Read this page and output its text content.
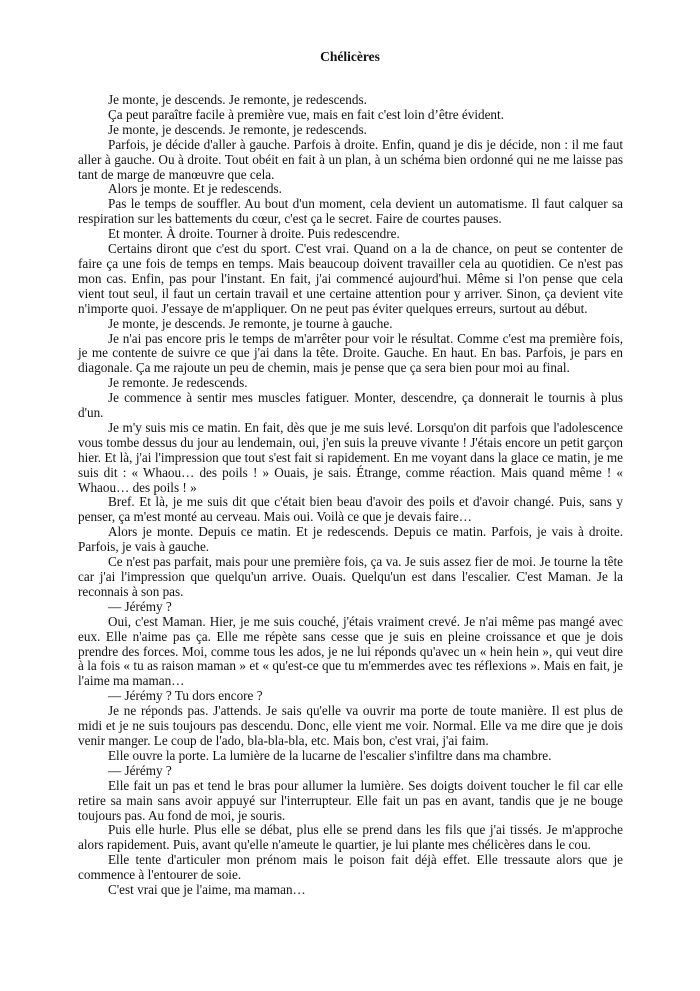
Chélicères

Je monte, je descends. Je remonte, je redescends.

Ça peut paraître facile à première vue, mais en fait c'est loin d’être évident.

Je monte, je descends. Je remonte, je redescends.

Parfois, je décide d'aller à gauche. Parfois à droite. Enfin, quand je dis je décide, non : il me faut aller à gauche. Ou à droite. Tout obéit en fait à un plan, à un schéma bien ordonné qui ne me laisse pas tant de marge de manœuvre que cela.

Alors je monte. Et je redescends.

Pas le temps de souffler. Au bout d'un moment, cela devient un automatisme. Il faut calquer sa respiration sur les battements du cœur, c'est ça le secret. Faire de courtes pauses.

Et monter. À droite. Tourner à droite. Puis redescendre.

Certains diront que c'est du sport. C'est vrai. Quand on a la de chance, on peut se contenter de faire ça une fois de temps en temps. Mais beaucoup doivent travailler cela au quotidien. Ce n'est pas mon cas. Enfin, pas pour l'instant. En fait, j'ai commencé aujourd'hui. Même si l'on pense que cela vient tout seul, il faut un certain travail et une certaine attention pour y arriver. Sinon, ça devient vite n'importe quoi. J'essaye de m'appliquer. On ne peut pas éviter quelques erreurs, surtout au début.

Je monte, je descends. Je remonte, je tourne à gauche.

Je n'ai pas encore pris le temps de m'arrêter pour voir le résultat. Comme c'est ma première fois, je me contente de suivre ce que j'ai dans la tête. Droite. Gauche. En haut. En bas. Parfois, je pars en diagonale. Ça me rajoute un peu de chemin, mais je pense que ça sera bien pour moi au final.

Je remonte. Je redescends.

Je commence à sentir mes muscles fatiguer. Monter, descendre, ça donnerait le tournis à plus d'un.

Je m'y suis mis ce matin. En fait, dès que je me suis levé. Lorsqu'on dit parfois que l'adolescence vous tombe dessus du jour au lendemain, oui, j'en suis la preuve vivante ! J'étais encore un petit garçon hier. Et là, j'ai l'impression que tout s'est fait si rapidement. En me voyant dans la glace ce matin, je me suis dit : « Whaou… des poils ! » Ouais, je sais. Étrange, comme réaction. Mais quand même ! « Whaou… des poils ! »

Bref. Et là, je me suis dit que c'était bien beau d'avoir des poils et d'avoir changé. Puis, sans y penser, ça m'est monté au cerveau. Mais oui. Voilà ce que je devais faire…

Alors je monte. Depuis ce matin. Et je redescends. Depuis ce matin. Parfois, je vais à droite. Parfois, je vais à gauche.

Ce n'est pas parfait, mais pour une première fois, ça va. Je suis assez fier de moi. Je tourne la tête car j'ai l'impression que quelqu'un arrive. Ouais. Quelqu'un est dans l'escalier. C'est Maman. Je la reconnais à son pas.

— Jérémy ?

Oui, c'est Maman. Hier, je me suis couché, j'étais vraiment crevé. Je n'ai même pas mangé avec eux. Elle n'aime pas ça. Elle me répète sans cesse que je suis en pleine croissance et que je dois prendre des forces. Moi, comme tous les ados, je ne lui réponds qu'avec un « hein hein », qui veut dire à la fois « tu as raison maman » et « qu'est-ce que tu m'emmerdes avec tes réflexions ». Mais en fait, je l'aime ma maman…

— Jérémy ? Tu dors encore ?

Je ne réponds pas. J'attends. Je sais qu'elle va ouvrir ma porte de toute manière. Il est plus de midi et je ne suis toujours pas descendu. Donc, elle vient me voir. Normal. Elle va me dire que je dois venir manger. Le coup de l'ado, bla-bla-bla, etc. Mais bon, c'est vrai, j'ai faim.

Elle ouvre la porte. La lumière de la lucarne de l'escalier s'infiltre dans ma chambre.

— Jérémy ?

Elle fait un pas et tend le bras pour allumer la lumière. Ses doigts doivent toucher le fil car elle retire sa main sans avoir appuyé sur l'interrupteur. Elle fait un pas en avant, tandis que je ne bouge toujours pas. Au fond de moi, je souris.

Puis elle hurle. Plus elle se débat, plus elle se prend dans les fils que j'ai tissés. Je m'approche alors rapidement. Puis, avant qu'elle n'ameute le quartier, je lui plante mes chélicères dans le cou.

Elle tente d'articuler mon prénom mais le poison fait déjà effet. Elle tressaute alors que je commence à l'entourer de soie.

C'est vrai que je l'aime, ma maman…
